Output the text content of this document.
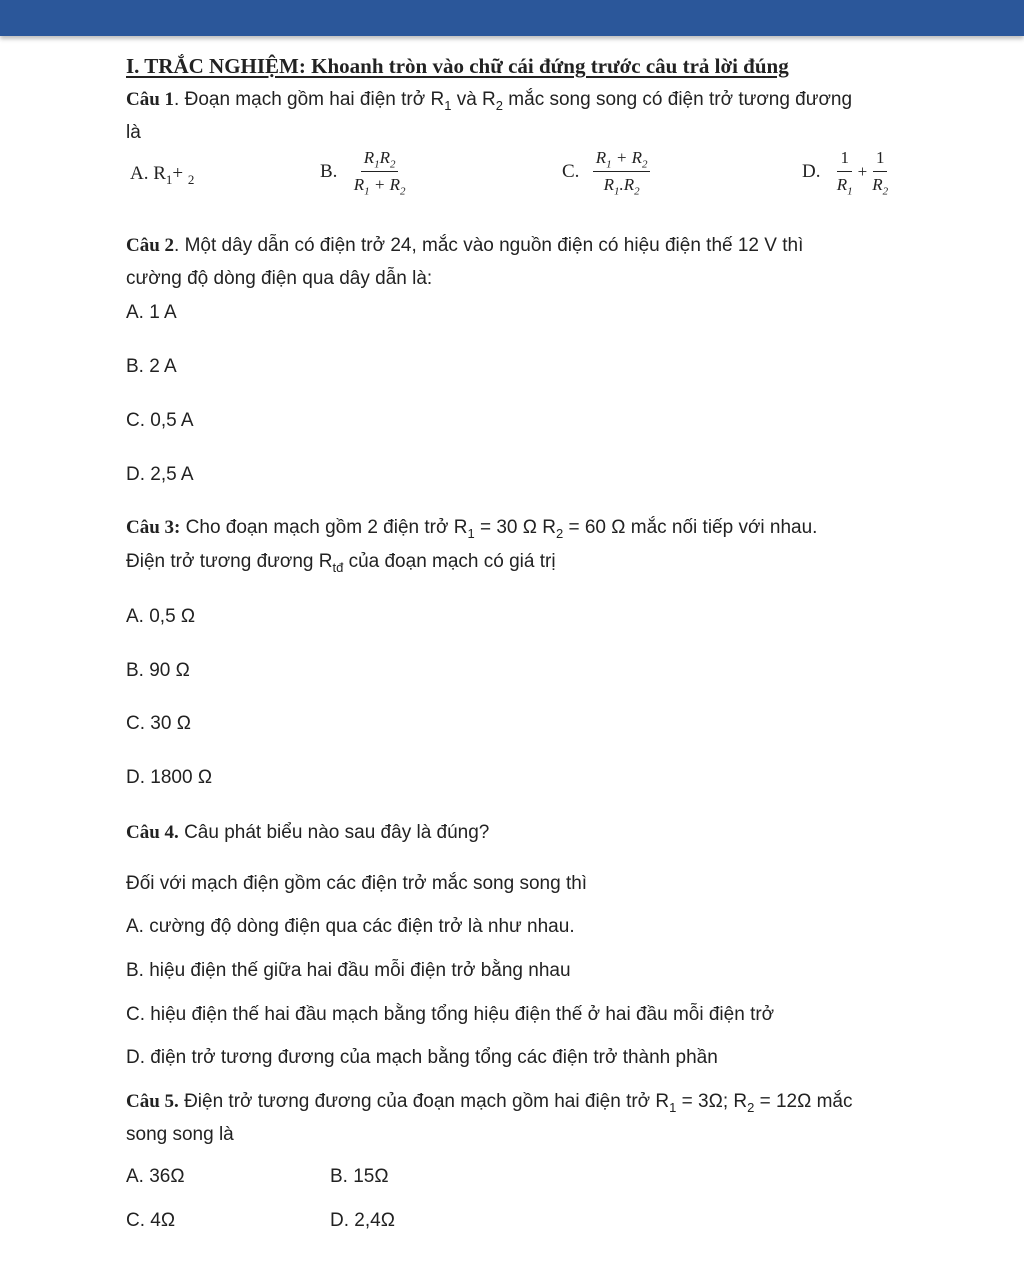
I. TRẮC NGHIỆM: Khoanh tròn vào chữ cái đứng trước câu trả lời đúng
Câu 1. Đoạn mạch gồm hai điện trở $R_1$ và $R_2$ mắc song song có điện trở tương đương
là
A. $R_1+ _2$	B. $\frac{R_1R_2}{R_1 + R_2}$	C. $\frac{R_1 + R_2}{R_1.R_2}$	D. $\frac{1}{R_1} + \frac{1}{R_2}$
Câu 2. Một dây dẫn có điện trở 24, mắc vào nguồn điện có hiệu điện thế 12 V thì
cường độ dòng điện qua dây dẫn là:
A. 1 A
B. 2 A
C. 0,5 A
D. 2,5 A
Câu 3: Cho đoạn mạch gồm 2 điện trở $R_1 = 30$ Ω $R_2 = 60$ Ω mắc nối tiếp với nhau.
Điện trở tương đương $R_{tđ}$ của đoạn mạch có giá trị
A. 0,5 Ω
B. 90 Ω
C. 30 Ω
D. 1800 Ω
Câu 4. Câu phát biểu nào sau đây là đúng?
Đối với mạch điện gồm các điện trở mắc song song thì
A. cường độ dòng điện qua các điện trở là như nhau.
B. hiệu điện thế giữa hai đầu mỗi điện trở bằng nhau
C. hiệu điện thế hai đầu mạch bằng tổng hiệu điện thế ở hai đầu mỗi điện trở
D. điện trở tương đương của mạch bằng tổng các điện trở thành phần
Câu 5. Điện trở tương đương của đoạn mạch gồm hai điện trở $R_1 = 3\Omega$; $R_2 = 12\Omega$ mắc
song song là
A. 36Ω	B. 15Ω
C. 4Ω	D. 2,4Ω
